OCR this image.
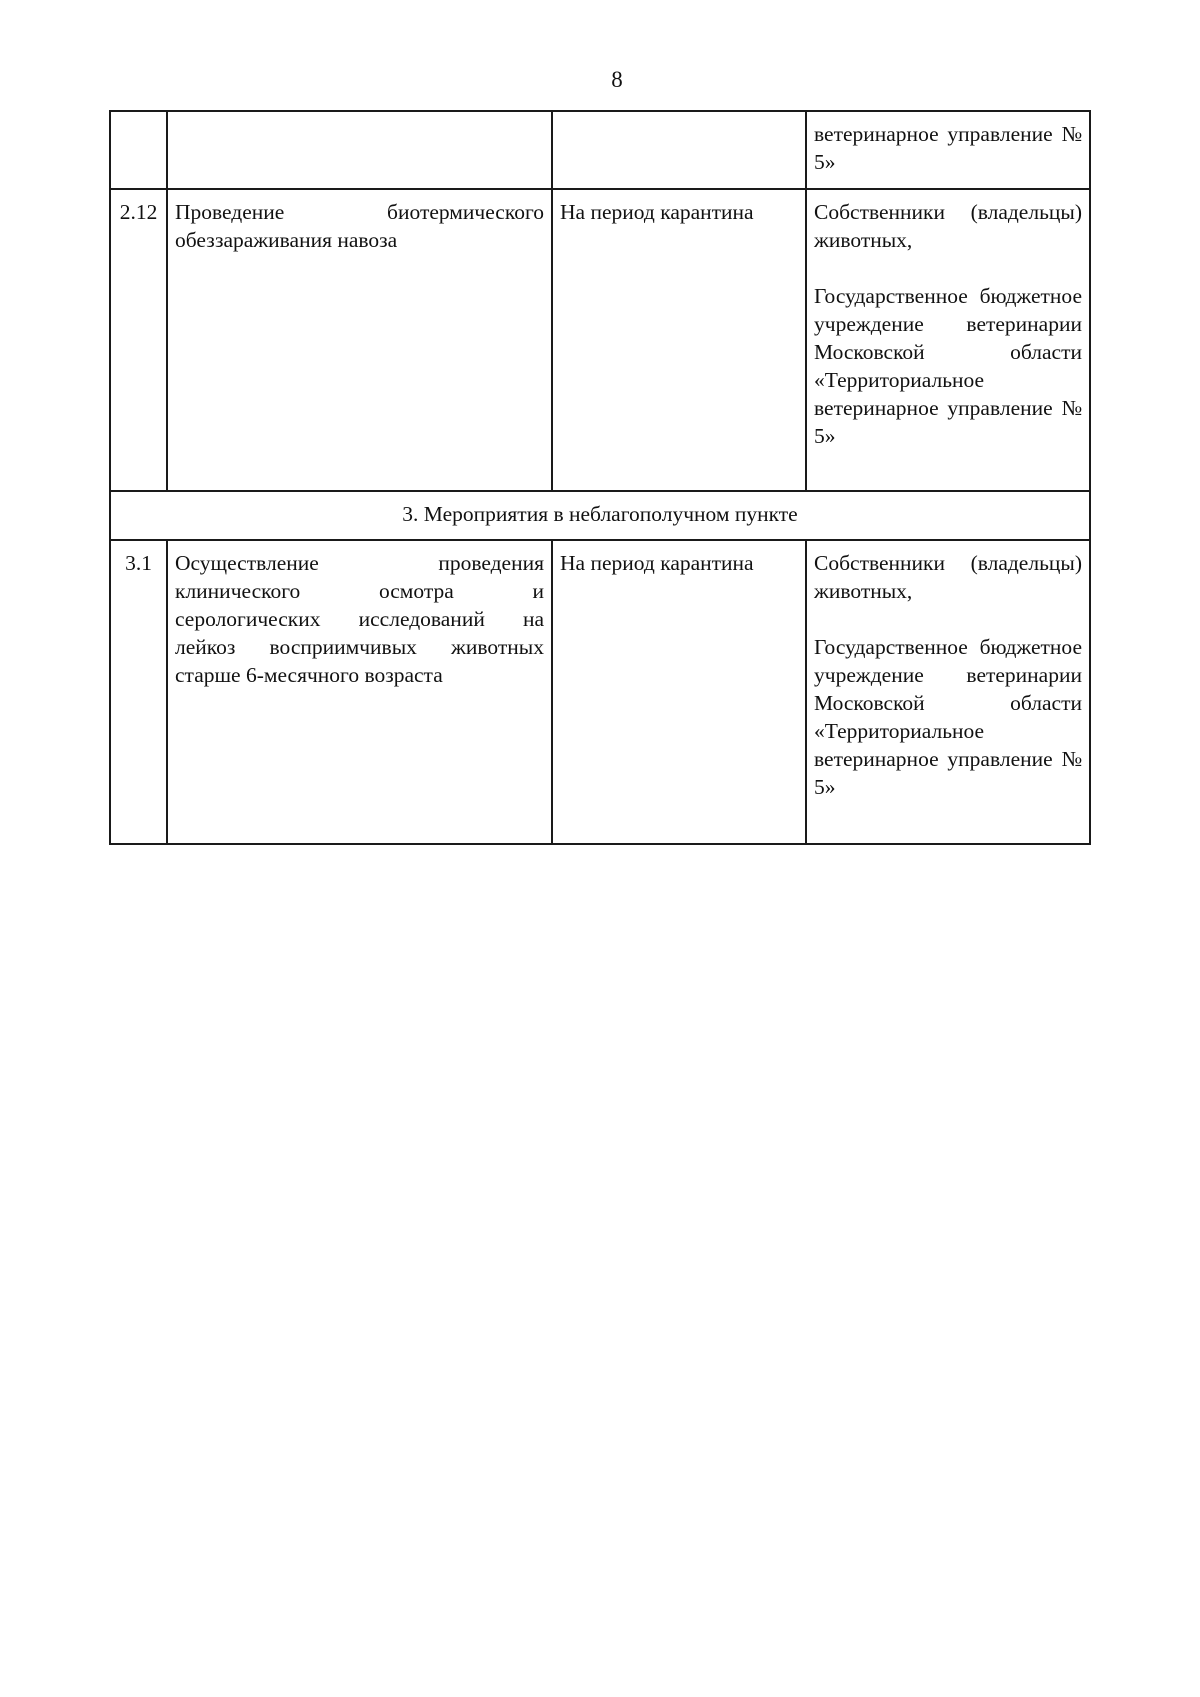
8

			ветеринарное управление № 5»

2.12	Проведение биотермического обеззараживания навоза	На период карантина	Собственники (владельцы) животных,
Государственное бюджетное учреждение ветеринарии Московской области «Территориальное ветеринарное управление № 5»

3. Мероприятия в неблагополучном пункте			
3.1	Осуществление проведения клинического осмотра и серологических исследований на лейкоз восприимчивых животных старше 6-месячного возраста	На период карантина	Собственники (владельцы) животных,
Государственное бюджетное учреждение ветеринарии Московской области «Территориальное ветеринарное управление № 5»
